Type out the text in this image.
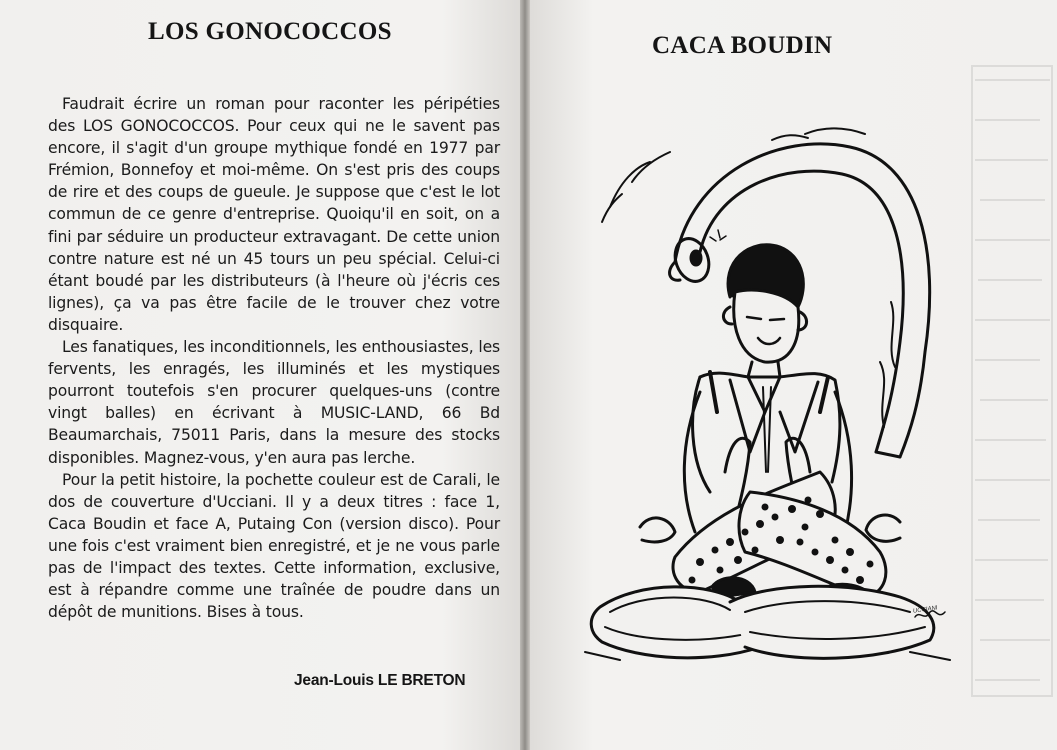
LOS GONOCOCCOS

Faudrait écrire un roman pour raconter les péripéties des LOS GONOCOCCOS. Pour ceux qui ne le savent pas encore, il s'agit d'un groupe mythique fondé en 1977 par Frémion, Bonnefoy et moi-même. On s'est pris des coups de rire et des coups de gueule. Je suppose que c'est le lot commun de ce genre d'entreprise. Quoiqu'il en soit, on a fini par séduire un producteur extravagant. De cette union contre nature est né un 45 tours un peu spécial. Celui-ci étant boudé par les distributeurs (à l'heure où j'écris ces lignes), ça va pas être facile de le trouver chez votre disquaire.

Les fanatiques, les inconditionnels, les enthousiastes, les fervents, les enragés, les illuminés et les mystiques pourront toutefois s'en procurer quelques-uns (contre vingt balles) en écrivant à MUSIC-LAND, 66 Bd Beaumarchais, 75011 Paris, dans la mesure des stocks disponibles. Magnez-vous, y'en aura pas lerche.

Pour la petit histoire, la pochette couleur est de Carali, le dos de couverture d'Ucciani. Il y a deux titres : face 1, Caca Boudin et face A, Putaing Con (version disco). Pour une fois c'est vraiment bien enregistré, et je ne vous parle pas de l'impact des textes. Cette information, exclusive, est à répandre comme une traînée de poudre dans un dépôt de munitions. Bises à tous.

Jean-Louis LE BRETON

CACA BOUDIN
UCCIANI
